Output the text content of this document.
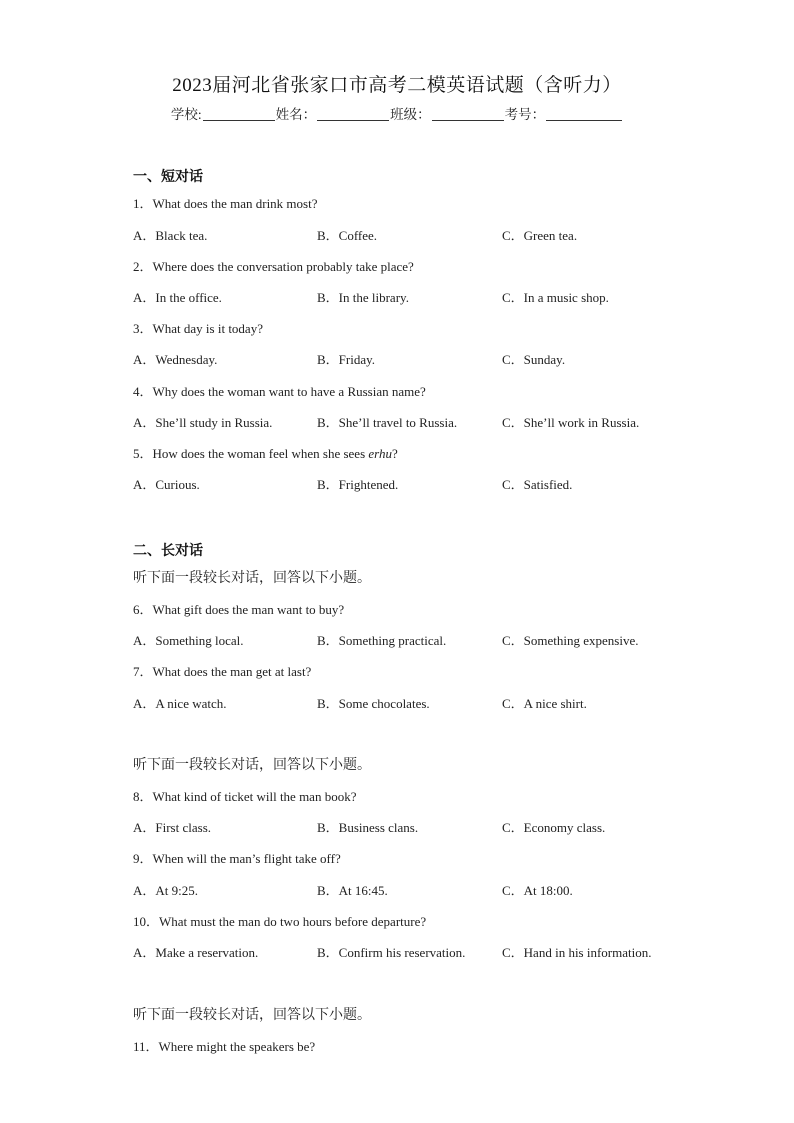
2023届河北省张家口市高考二模英语试题（含听力）
学校:	姓名：	班级：	考号：
一、短对话
1．What does the man drink most?
A．Black tea.	B．Coffee.	C．Green tea.
2．Where does the conversation probably take place?
A．In the office.	B．In the library.	C．In a music shop.
3．What day is it today?
A．Wednesday.	B．Friday.	C．Sunday.
4．Why does the woman want to have a Russian name?
A．She’ll study in Russia.	B．She’ll travel to Russia.	C．She’ll work in Russia.
5．How does the woman feel when she sees erhu?
A．Curious.	B．Frightened.	C．Satisfied.
二、长对话
听下面一段较长对话，回答以下小题。
6．What gift does the man want to buy?
A．Something local.	B．Something practical.	C．Something expensive.
7．What does the man get at last?
A．A nice watch.	B．Some chocolates.	C．A nice shirt.
听下面一段较长对话，回答以下小题。
8．What kind of ticket will the man book?
A．First class.	B．Business clans.	C．Economy class.
9．When will the man’s flight take off?
A．At 9:25.	B．At 16:45.	C．At 18:00.
10．What must the man do two hours before departure?
A．Make a reservation.	B．Confirm his reservation.	C．Hand in his information.
听下面一段较长对话，回答以下小题。
11．Where might the speakers be?
